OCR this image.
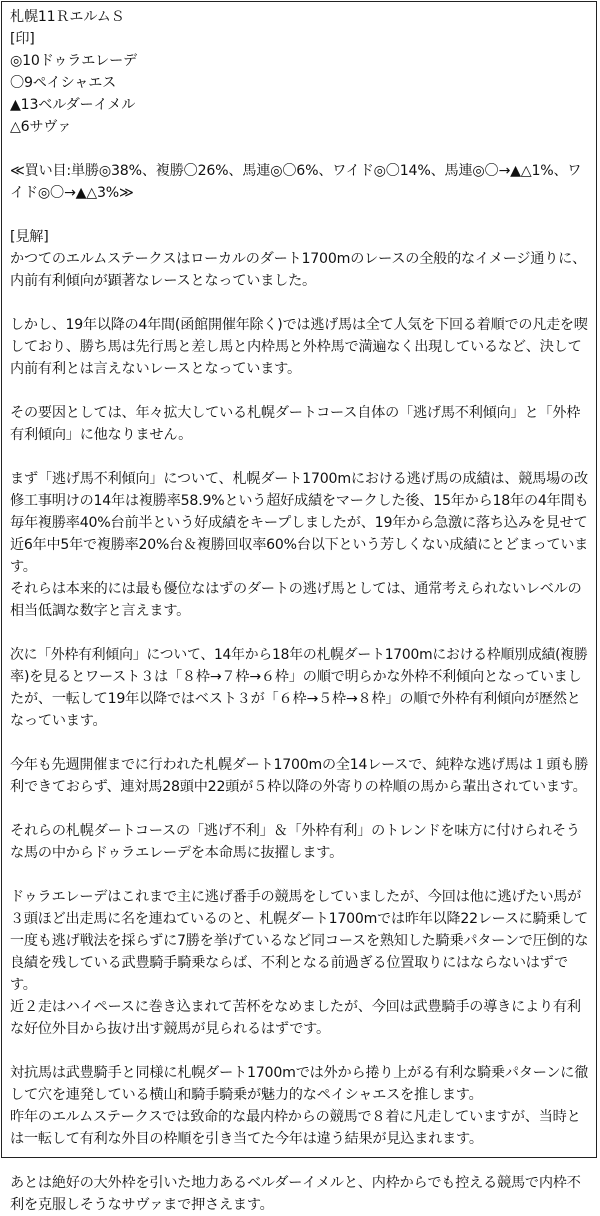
札幌11ＲエルムＳ
[印]
◎10ドゥラエレーデ
〇9ペイシャエス
▲13ベルダーイメル
△6サヴァ
≪買い目:単勝◎38%、複勝〇26%、馬連◎〇6%、ワイド◎〇14%、馬連◎〇→▲△1%、ワ
イド◎〇→▲△3%≫
[見解]
かつてのエルムステークスはローカルのダート1700mのレースの全般的なイメージ通りに、
内前有利傾向が顕著なレースとなっていました。
しかし、19年以降の4年間(函館開催年除く)では逃げ馬は全て人気を下回る着順での凡走を喫
しており、勝ち馬は先行馬と差し馬と内枠馬と外枠馬で満遍なく出現しているなど、決して
内前有利とは言えないレースとなっています。
その要因としては、年々拡大している札幌ダートコース自体の「逃げ馬不利傾向」と「外枠
有利傾向」に他なりません。
まず「逃げ馬不利傾向」について、札幌ダート1700mにおける逃げ馬の成績は、競馬場の改
修工事明けの14年は複勝率58.9%という超好成績をマークした後、15年から18年の4年間も
毎年複勝率40%台前半という好成績をキープしましたが、19年から急激に落ち込みを見せて
近6年中5年で複勝率20%台＆複勝回収率60%台以下という芳しくない成績にとどまっていま
す。
それらは本来的には最も優位なはずのダートの逃げ馬としては、通常考えられないレベルの
相当低調な数字と言えます。
次に「外枠有利傾向」について、14年から18年の札幌ダート1700mにおける枠順別成績(複勝
率)を見るとワースト３は「８枠→７枠→６枠」の順で明らかな外枠不利傾向となっていまし
たが、一転して19年以降ではベスト３が「６枠→５枠→８枠」の順で外枠有利傾向が歴然と
なっています。
今年も先週開催までに行われた札幌ダート1700mの全14レースで、純粋な逃げ馬は１頭も勝
利できておらず、連対馬28頭中22頭が５枠以降の外寄りの枠順の馬から輩出されています。
それらの札幌ダートコースの「逃げ不利」＆「外枠有利」のトレンドを味方に付けられそう
な馬の中からドゥラエレーデを本命馬に抜擢します。
ドゥラエレーデはこれまで主に逃げ番手の競馬をしていましたが、今回は他に逃げたい馬が
３頭ほど出走馬に名を連ねているのと、札幌ダート1700mでは昨年以降22レースに騎乗して
一度も逃げ戦法を採らずに7勝を挙げているなど同コースを熟知した騎乗パターンで圧倒的な
良績を残している武豊騎手騎乗ならば、不利となる前過ぎる位置取りにはならないはずで
す。
近２走はハイペースに巻き込まれて苦杯をなめましたが、今回は武豊騎手の導きにより有利
な好位外目から抜け出す競馬が見られるはずです。
対抗馬は武豊騎手と同様に札幌ダート1700mでは外から捲り上がる有利な騎乗パターンに徹
して穴を連発している横山和騎手騎乗が魅力的なペイシャエスを推します。
昨年のエルムステークスでは致命的な最内枠からの競馬で８着に凡走していますが、当時と
は一転して有利な外目の枠順を引き当てた今年は違う結果が見込まれます。
あとは絶好の大外枠を引いた地力あるベルダーイメルと、内枠からでも控える競馬で内枠不
利を克服しそうなサヴァまで押さえます。
